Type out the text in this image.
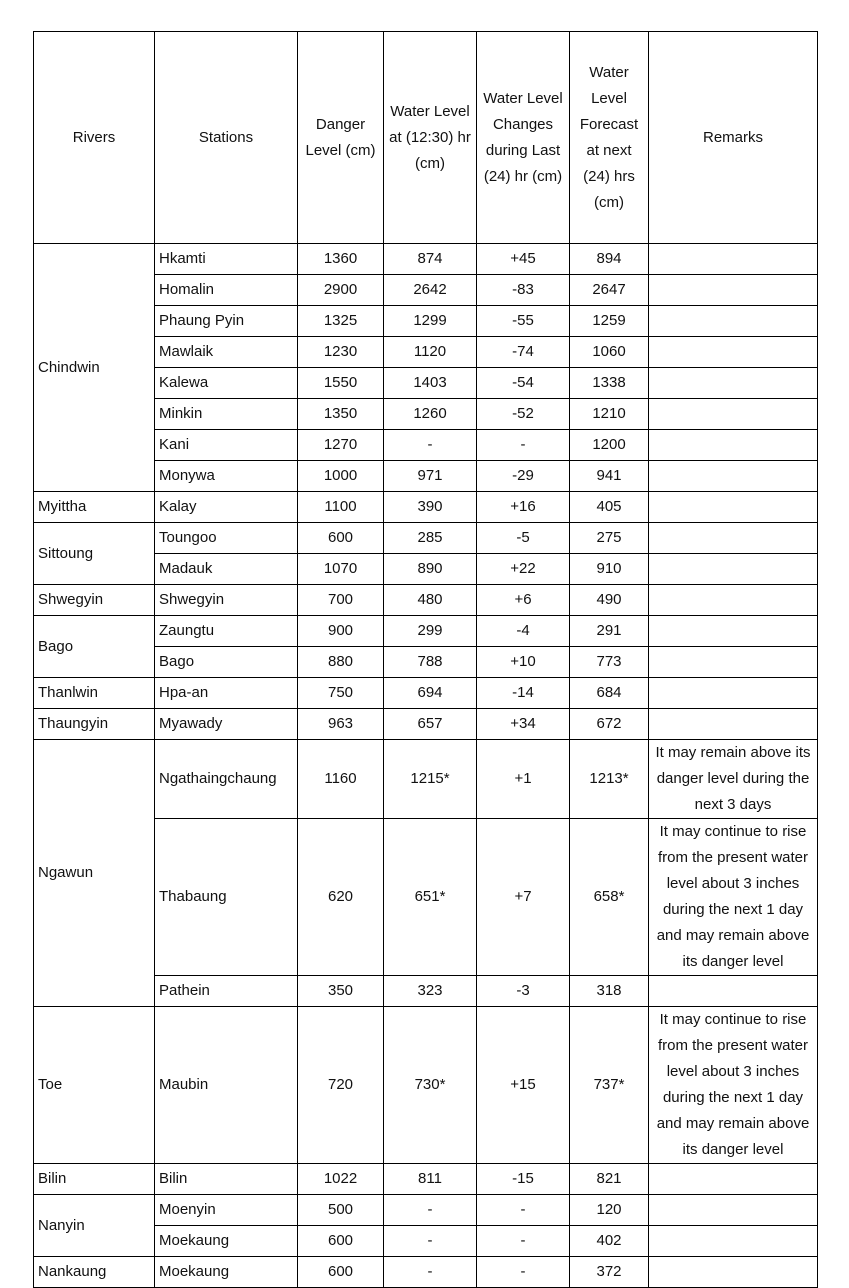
Rivers	Stations	Danger Level (cm)	Water Level at (12:30) hr (cm)	Water Level Changes during Last (24) hr (cm)	Water Level Forecast at next (24) hrs (cm)	Remarks
Chindwin	Hkamti	1360	874	+45	894	
	Homalin	2900	2642	-83	2647	
	Phaung Pyin	1325	1299	-55	1259	
	Mawlaik	1230	1120	-74	1060	
	Kalewa	1550	1403	-54	1338	
	Minkin	1350	1260	-52	1210	
	Kani	1270	-	-	1200	
	Monywa	1000	971	-29	941	
Myittha	Kalay	1100	390	+16	405	
Sittoung	Toungoo	600	285	-5	275	
	Madauk	1070	890	+22	910	
Shwegyin	Shwegyin	700	480	+6	490	
Bago	Zaungtu	900	299	-4	291	
	Bago	880	788	+10	773	
Thanlwin	Hpa-an	750	694	-14	684	
Thaungyin	Myawady	963	657	+34	672	
Ngawun	Ngathaingchaung	1160	1215*	+1	1213*	It may remain above its danger level during the next 3 days
	Thabaung	620	651*	+7	658*	It may continue to rise from the present water level about 3 inches during the next 1 day and may remain above its danger level
	Pathein	350	323	-3	318	
Toe	Maubin	720	730*	+15	737*	It may continue to rise from the present water level about 3 inches during the next 1 day and may remain above its danger level
Bilin	Bilin	1022	811	-15	821	
Nanyin	Moenyin	500	-	-	120	
	Moekaung	600	-	-	402	
Nankaung	Moekaung	600	-	-	372	
